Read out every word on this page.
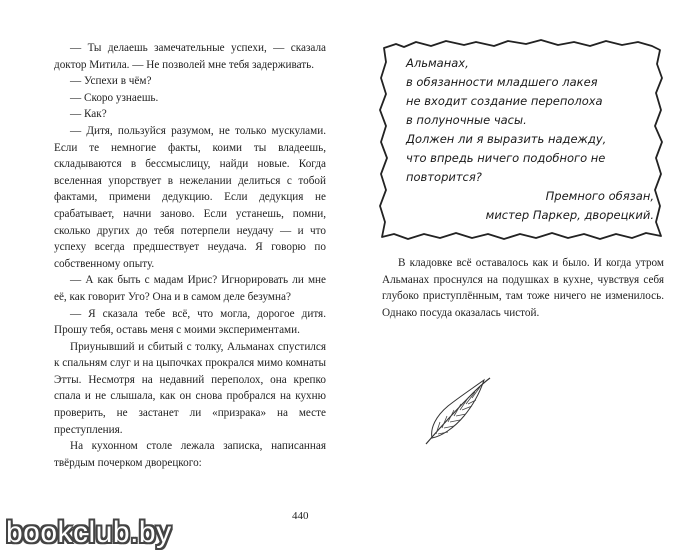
— Ты делаешь замечательные успехи, — сказала доктор Митила. — Не позволей мне тебя задерживать.

— Успехи в чём?

— Скоро узнаешь.

— Как?

— Дитя, пользуйся разумом, не только мускулами. Если те немногие факты, коими ты владеешь, складываются в бессмыслицу, найди новые. Когда вселенная упорствует в нежелании делиться с тобой фактами, примени дедукцию. Если дедукция не срабатывает, начни заново. Если устанешь, помни, сколько других до тебя потерпели неудачу — и что успеху всегда предшествует неудача. Я говорю по собственному опыту.

— А как быть с мадам Ирис? Игнорировать ли мне её, как говорит Уго? Она и в самом деле безумна?

— Я сказала тебе всё, что могла, дорогое дитя. Прошу тебя, оставь меня с моими экспериментами.

Приунывший и сбитый с толку, Альманах спустился к спальням слуг и на цыпочках прокрался мимо комнаты Этты. Несмотря на недавний переполох, она крепко спала и не слышала, как он снова пробрался на кухню проверить, не застанет ли «призрака» на месте преступления.

На кухонном столе лежала записка, написанная твёрдым почерком дворецкого:

440
Альманах,
в обязанности младшего лакея
не входит создание переполоха
в полуночные часы.
Должен ли я выразить надежду,
что впредь ничего подобного не
повторится?
Премного обязан,
мистер Паркер, дворецкий.

В кладовке всё оставалось как и было. И когда утром Альманах проснулся на подушках в кухне, чувствуя себя глубоко приступлённым, там тоже ничего не изменилось. Однако посуда оказалась чистой.

bookclub.by
